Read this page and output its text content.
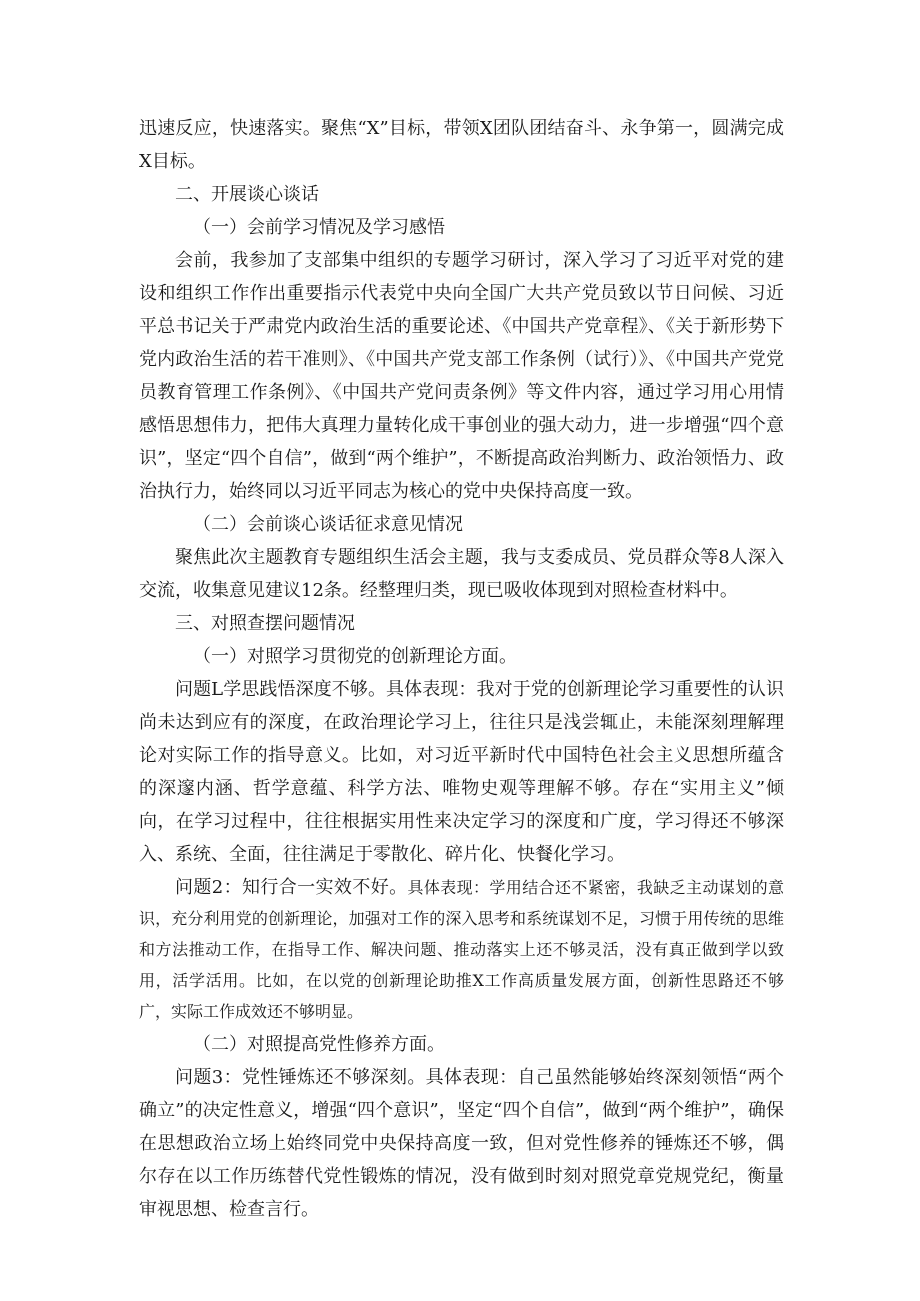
迅速反应，快速落实。聚焦“X”目标，带领X团队团结奋斗、永争第一，圆满完成X目标。

二、开展谈心谈话

（一）会前学习情况及学习感悟

会前，我参加了支部集中组织的专题学习研讨，深入学习了习近平对党的建设和组织工作作出重要指示代表党中央向全国广大共产党员致以节日问候、习近平总书记关于严肃党内政治生活的重要论述、《中国共产党章程》、《关于新形势下党内政治生活的若干准则》、《中国共产党支部工作条例（试行）》、《中国共产党党员教育管理工作条例》、《中国共产党问责条例》等文件内容，通过学习用心用情感悟思想伟力，把伟大真理力量转化成干事创业的强大动力，进一步增强“四个意识”，坚定“四个自信”，做到“两个维护”，不断提高政治判断力、政治领悟力、政治执行力，始终同以习近平同志为核心的党中央保持高度一致。

（二）会前谈心谈话征求意见情况

聚焦此次主题教育专题组织生活会主题，我与支委成员、党员群众等8人深入交流，收集意见建议12条。经整理归类，现已吸收体现到对照检查材料中。

三、对照查摆问题情况

（一）对照学习贯彻党的创新理论方面。

问题L学思践悟深度不够。具体表现：我对于党的创新理论学习重要性的认识尚未达到应有的深度，在政治理论学习上，往往只是浅尝辄止，未能深刻理解理论对实际工作的指导意义。比如，对习近平新时代中国特色社会主义思想所蕴含的深邃内涵、哲学意蕴、科学方法、唯物史观等理解不够。存在“实用主义”倾向，在学习过程中，往往根据实用性来决定学习的深度和广度，学习得还不够深入、系统、全面，往往满足于零散化、碎片化、快餐化学习。

问题2：知行合一实效不好。具体表现：学用结合还不紧密，我缺乏主动谋划的意识，充分利用党的创新理论，加强对工作的深入思考和系统谋划不足，习惯于用传统的思维和方法推动工作，在指导工作、解决问题、推动落实上还不够灵活，没有真正做到学以致用，活学活用。比如，在以党的创新理论助推X工作高质量发展方面，创新性思路还不够广，实际工作成效还不够明显。

（二）对照提高党性修养方面。

问题3：党性锤炼还不够深刻。具体表现：自己虽然能够始终深刻领悟“两个确立”的决定性意义，增强“四个意识”，坚定“四个自信”，做到“两个维护”，确保在思想政治立场上始终同党中央保持高度一致，但对党性修养的锤炼还不够，偶尔存在以工作历练替代党性锻炼的情况，没有做到时刻对照党章党规党纪，衡量审视思想、检查言行。
